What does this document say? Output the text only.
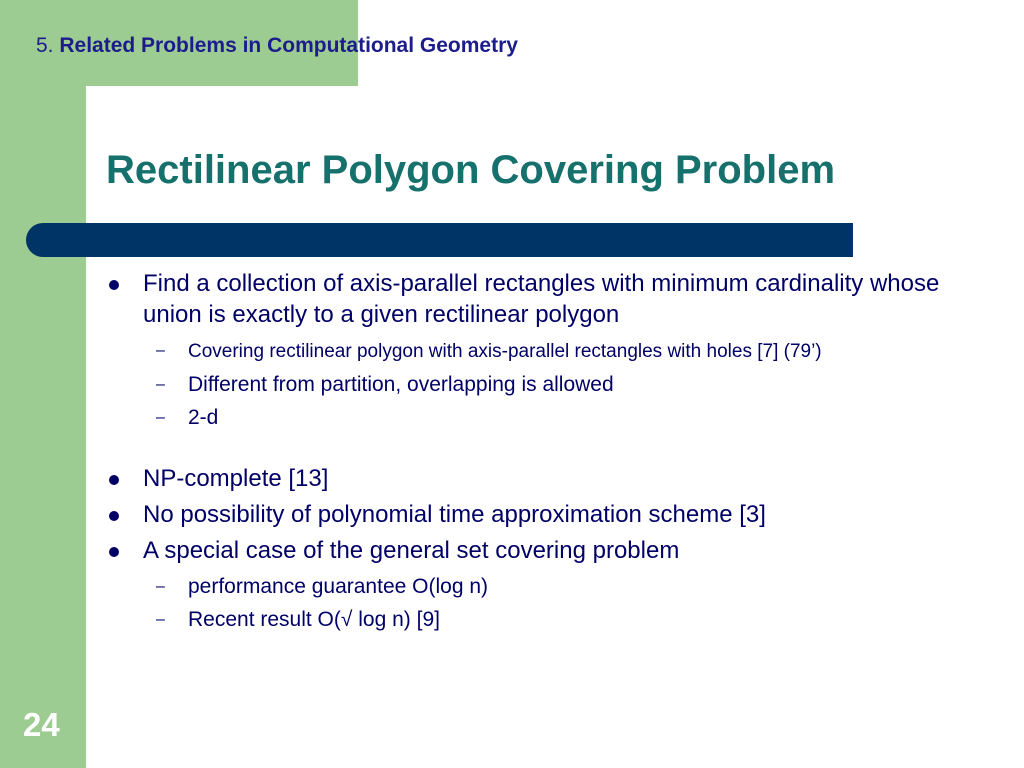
5. Related Problems in Computational Geometry
Rectilinear Polygon Covering Problem
Find a collection of axis-parallel rectangles with minimum cardinality whose union is exactly to a given rectilinear polygon
– Covering rectilinear polygon with axis-parallel rectangles with holes [7] (79’)
– Different from partition, overlapping is allowed
– 2-d
NP-complete [13]
No possibility of polynomial time approximation scheme [3]
A special case of the general set covering problem
– performance guarantee O(log n)
– Recent result O(√ log n) [9]
24
